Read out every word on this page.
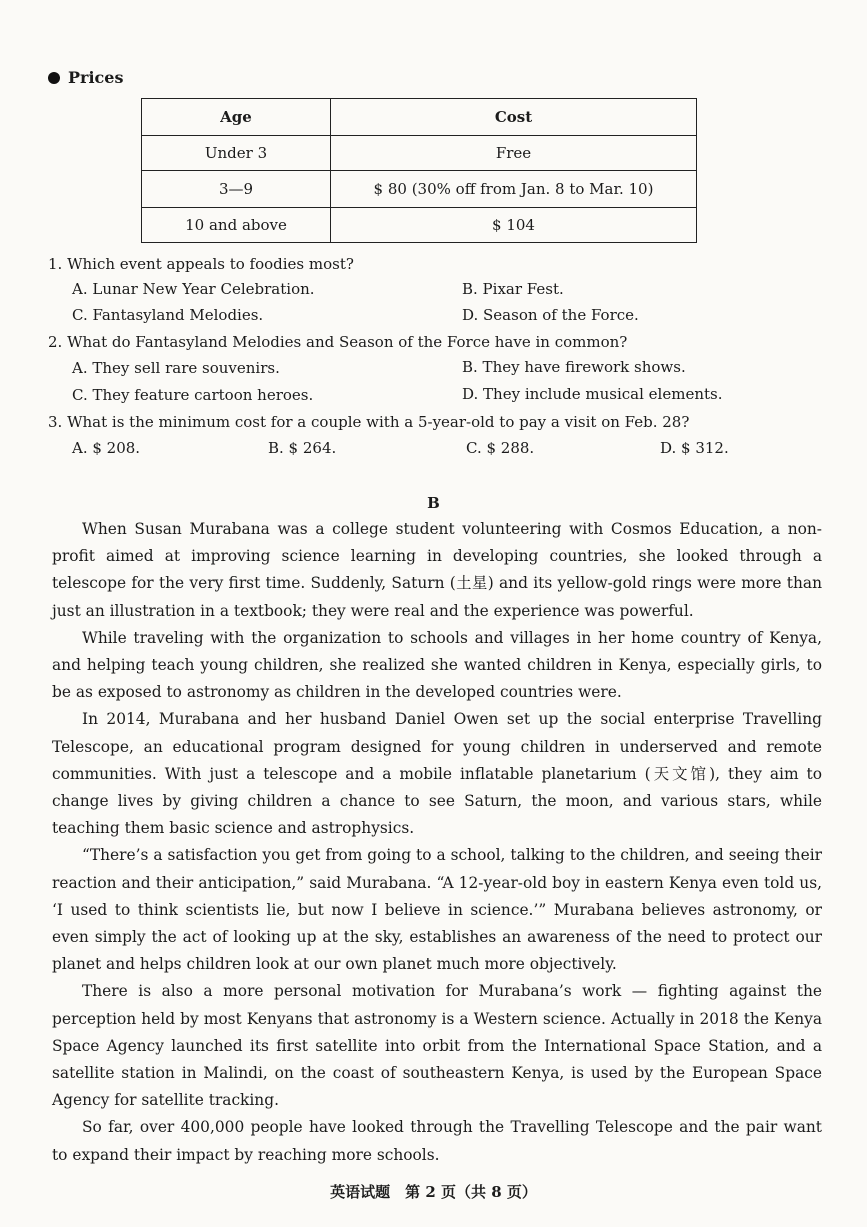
Prices
Age	Cost
Under 3	Free
3—9	$ 80 (30% off from Jan. 8 to Mar. 10)
10 and above	$ 104
1. Which event appeals to foodies most?
A. Lunar New Year Celebration.	B. Pixar Fest.
C. Fantasyland Melodies.	D. Season of the Force.
2. What do Fantasyland Melodies and Season of the Force have in common?
A. They sell rare souvenirs.	B. They have firework shows.
C. They feature cartoon heroes.	D. They include musical elements.
3. What is the minimum cost for a couple with a 5-year-old to pay a visit on Feb. 28?
A. $ 208.	B. $ 264.	C. $ 288.	D. $ 312.
B

When Susan Murabana was a college student volunteering with Cosmos Education, a non-profit aimed at improving science learning in developing countries, she looked through a telescope for the very first time. Suddenly, Saturn (土星) and its yellow-gold rings were more than just an illustration in a textbook; they were real and the experience was powerful.

While traveling with the organization to schools and villages in her home country of Kenya, and helping teach young children, she realized she wanted children in Kenya, especially girls, to be as exposed to astronomy as children in the developed countries were.

In 2014, Murabana and her husband Daniel Owen set up the social enterprise Travelling Telescope, an educational program designed for young children in underserved and remote communities. With just a telescope and a mobile inflatable planetarium (天文馆), they aim to change lives by giving children a chance to see Saturn, the moon, and various stars, while teaching them basic science and astrophysics.

“There’s a satisfaction you get from going to a school, talking to the children, and seeing their reaction and their anticipation,” said Murabana. “A 12-year-old boy in eastern Kenya even told us, ‘I used to think scientists lie, but now I believe in science.’” Murabana believes astronomy, or even simply the act of looking up at the sky, establishes an awareness of the need to protect our planet and helps children look at our own planet much more objectively.

There is also a more personal motivation for Murabana’s work — fighting against the perception held by most Kenyans that astronomy is a Western science. Actually in 2018 the Kenya Space Agency launched its first satellite into orbit from the International Space Station, and a satellite station in Malindi, on the coast of southeastern Kenya, is used by the European Space Agency for satellite tracking.

So far, over 400,000 people have looked through the Travelling Telescope and the pair want to expand their impact by reaching more schools.

英语试题　第 2 页（共 8 页）
